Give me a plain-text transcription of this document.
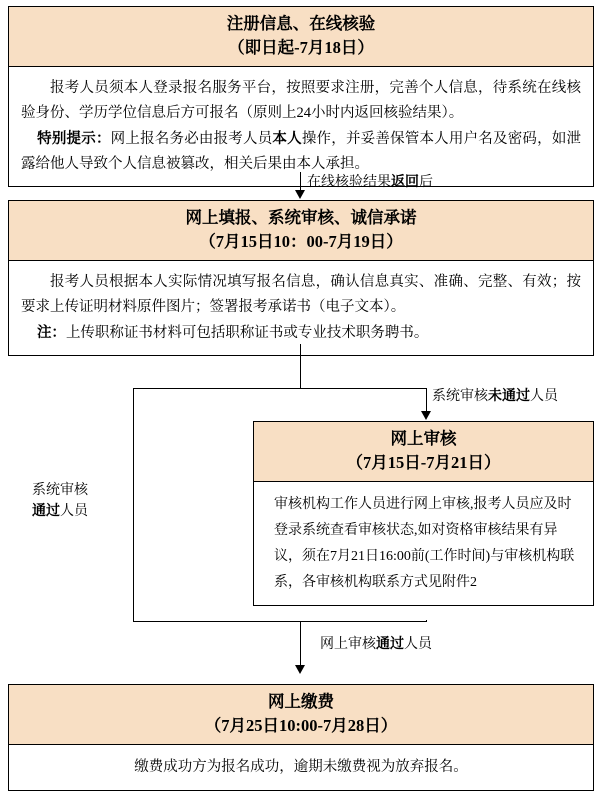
注册信息、在线核验
（即日起-7月18日）
报考人员须本人登录报名服务平台，按照要求注册，完善个人信息，待系统在线核验身份、学历学位信息后方可报名（原则上24小时内返回核验结果）。
特别提示：网上报名务必由报考人员本人操作，并妥善保管本人用户名及密码，如泄露给他人导致个人信息被篡改，相关后果由本人承担。
在线核验结果返回后
网上填报、系统审核、诚信承诺
（7月15日10：00-7月19日）
报考人员根据本人实际情况填写报名信息，确认信息真实、准确、完整、有效；按要求上传证明材料原件图片；签署报考承诺书（电子文本）。
注：上传职称证书材料可包括职称证书或专业技术职务聘书。
系统审核未通过人员
系统审核
通过人员
网上审核
（7月15日-7月21日）
审核机构工作人员进行网上审核,报考人员应及时登录系统查看审核状态,如对资格审核结果有异议，须在7月21日16:00前(工作时间)与审核机构联系，各审核机构联系方式见附件2
网上审核通过人员
网上缴费
（7月25日10:00-7月28日）
缴费成功方为报名成功，逾期未缴费视为放弃报名。
